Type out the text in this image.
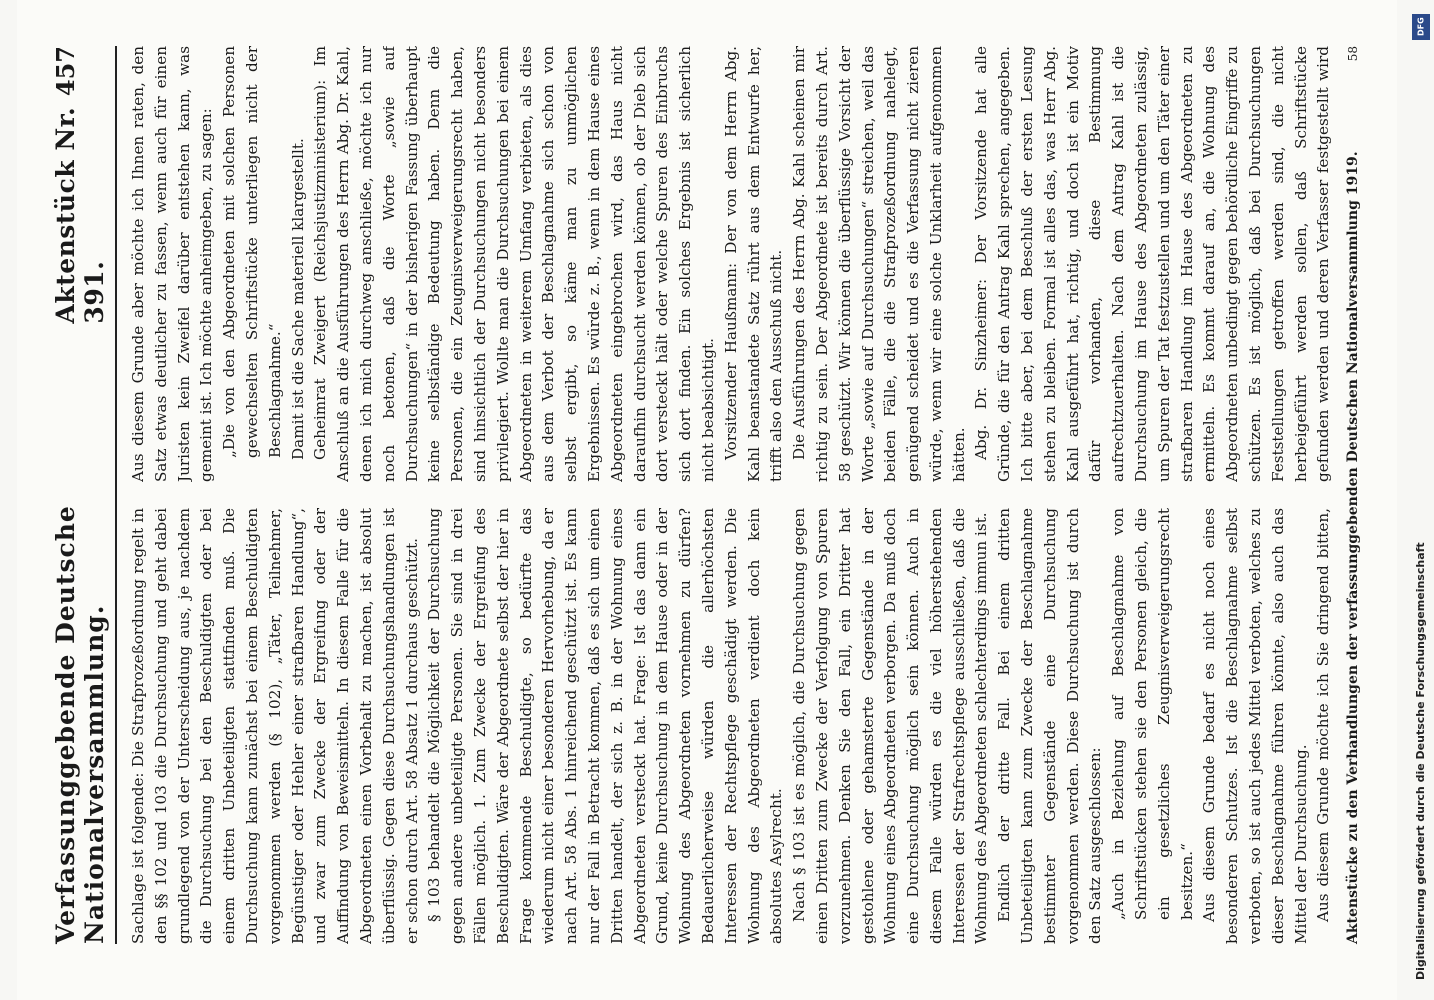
Verfassunggebende Deutsche Nationalversammlung.
Aktenstück Nr. 391.
457

Sachlage ist folgende: Die Strafprozeßordnung regelt in den §§ 102 und 103 die Durchsuchung und geht dabei grundlegend von der Unterscheidung aus, je nachdem die Durchsuchung bei den Beschuldigten oder bei einem dritten Unbeteiligten stattfinden muß. Die Durchsuchung kann zunächst bei einem Beschuldigten vorgenommen werden (§ 102), „Täter, Teilnehmer, Begünstiger oder Hehler einer strafbaren Handlung“, und zwar zum Zwecke der Ergreifung oder der Auffindung von Beweismitteln. In diesem Falle für die Abgeordneten einen Vorbehalt zu machen, ist absolut überflüssig. Gegen diese Durchsuchungshandlungen ist er schon durch Art. 58 Absatz 1 durchaus geschützt. § 103 behandelt die Möglichkeit der Durchsuchung gegen andere unbeteiligte Personen. Sie sind in drei Fällen möglich. 1. Zum Zwecke der Ergreifung des Beschuldigten. Wäre der Abgeordnete selbst der hier in Frage kommende Beschuldigte, so bedürfte das wiederum nicht einer besonderen Hervorhebung, da er nach Art. 58 Abs. 1 hinreichend geschützt ist. Es kann nur der Fall in Betracht kommen, daß es sich um einen Dritten handelt, der sich z. B. in der Wohnung eines Abgeordneten versteckt hat. Frage: Ist das dann ein Grund, keine Durchsuchung in dem Hause oder in der Wohnung des Abgeordneten vornehmen zu dürfen? Bedauerlicherweise würden die allerhöchsten Interessen der Rechtspflege geschädigt werden. Die Wohnung des Abgeordneten verdient doch kein absolutes Asylrecht. Nach § 103 ist es möglich, die Durchsuchung gegen einen Dritten zum Zwecke der Verfolgung von Spuren vorzunehmen. Denken Sie den Fall, ein Dritter hat gestohlene oder gehamsterte Gegenstände in der Wohnung eines Abgeordneten verborgen. Da muß doch eine Durchsuchung möglich sein können. Auch in diesem Falle würden es die viel höherstehenden Interessen der Strafrechtspflege ausschließen, daß die Wohnung des Abgeordneten schlechterdings immun ist. Endlich der dritte Fall. Bei einem dritten Unbeteiligten kann zum Zwecke der Beschlagnahme bestimmter Gegenstände eine Durchsuchung vorgenommen werden. Diese Durchsuchung ist durch den Satz ausgeschlossen: „Auch in Beziehung auf Beschlagnahme von Schriftstücken stehen sie den Personen gleich, die ein gesetzliches Zeugnisverweigerungsrecht besitzen.“ Aus diesem Grunde bedarf es nicht noch eines besonderen Schutzes. Ist die Beschlagnahme selbst verboten, so ist auch jedes Mittel verboten, welches zu dieser Beschlagnahme führen könnte, also auch das Mittel der Durchsuchung. Aus diesem Grunde möchte ich Sie dringend bitten,

Aus diesem Grunde aber möchte ich Ihnen raten, den Satz etwas deutlicher zu fassen, wenn auch für einen Juristen kein Zweifel darüber entstehen kann, was gemeint ist. Ich möchte anheimgeben, zu sagen: „Die von den Abgeordneten mit solchen Personen gewechselten Schriftstücke unterliegen nicht der Beschlagnahme.“ Damit ist die Sache materiell klargestellt. Geheimrat Zweigert (Reichsjustizministerium): Im Anschluß an die Ausführungen des Herrn Abg. Dr. Kahl, denen ich mich durchweg anschließe, möchte ich nur noch betonen, daß die Worte „sowie auf Durchsuchungen“ in der bisherigen Fassung überhaupt keine selbständige Bedeutung haben. Denn die Personen, die ein Zeugnisverweigerungsrecht haben, sind hinsichtlich der Durchsuchungen nicht besonders privilegiert. Wollte man die Durchsuchungen bei einem Abgeordneten in weiterem Umfang verbieten, als dies aus dem Verbot der Beschlagnahme sich schon von selbst ergibt, so käme man zu unmöglichen Ergebnissen. Es würde z. B., wenn in dem Hause eines Abgeordneten eingebrochen wird, das Haus nicht daraufhin durchsucht werden können, ob der Dieb sich dort versteckt hält oder welche Spuren des Einbruchs sich dort finden. Ein solches Ergebnis ist sicherlich nicht beabsichtigt. Vorsitzender Haußmann: Der von dem Herrn Abg. Kahl beanstandete Satz rührt aus dem Entwurfe her, trifft also den Ausschuß nicht. Die Ausführungen des Herrn Abg. Kahl scheinen mir richtig zu sein. Der Abgeordnete ist bereits durch Art. 58 geschützt. Wir können die überflüssige Vorsicht der Worte „sowie auf Durchsuchungen“ streichen, weil das beiden Fälle, die die Strafprozeßordnung nahelegt, genügend scheidet und es die Verfassung nicht zieren würde, wenn wir eine solche Unklarheit aufgenommen hätten. Abg. Dr. Sinzheimer: Der Vorsitzende hat alle Gründe, die für den Antrag Kahl sprechen, angegeben. Ich bitte aber, bei dem Beschluß der ersten Lesung stehen zu bleiben. Formal ist alles das, was Herr Abg. Kahl ausgeführt hat, richtig, und doch ist ein Motiv dafür vorhanden, diese Bestimmung aufrechtzuerhalten. Nach dem Antrag Kahl ist die Durchsuchung im Hause des Abgeordneten zulässig, um Spuren der Tat festzustellen und um den Täter einer strafbaren Handlung im Hause des Abgeordneten zu ermitteln. Es kommt darauf an, die Wohnung des Abgeordneten unbedingt gegen behördliche Eingriffe zu schützen. Es ist möglich, daß bei Durchsuchungen Feststellungen getroffen werden sind, die nicht herbeigeführt werden sollen, daß Schriftstücke gefunden werden und deren Verfasser festgestellt wird

Aktenstücke zu den Verhandlungen der verfassunggebenden Deutschen Nationalversammlung 1919.
58
Digitalisierung gefördert durch die Deutsche Forschungsgemeinschaft
DFG
